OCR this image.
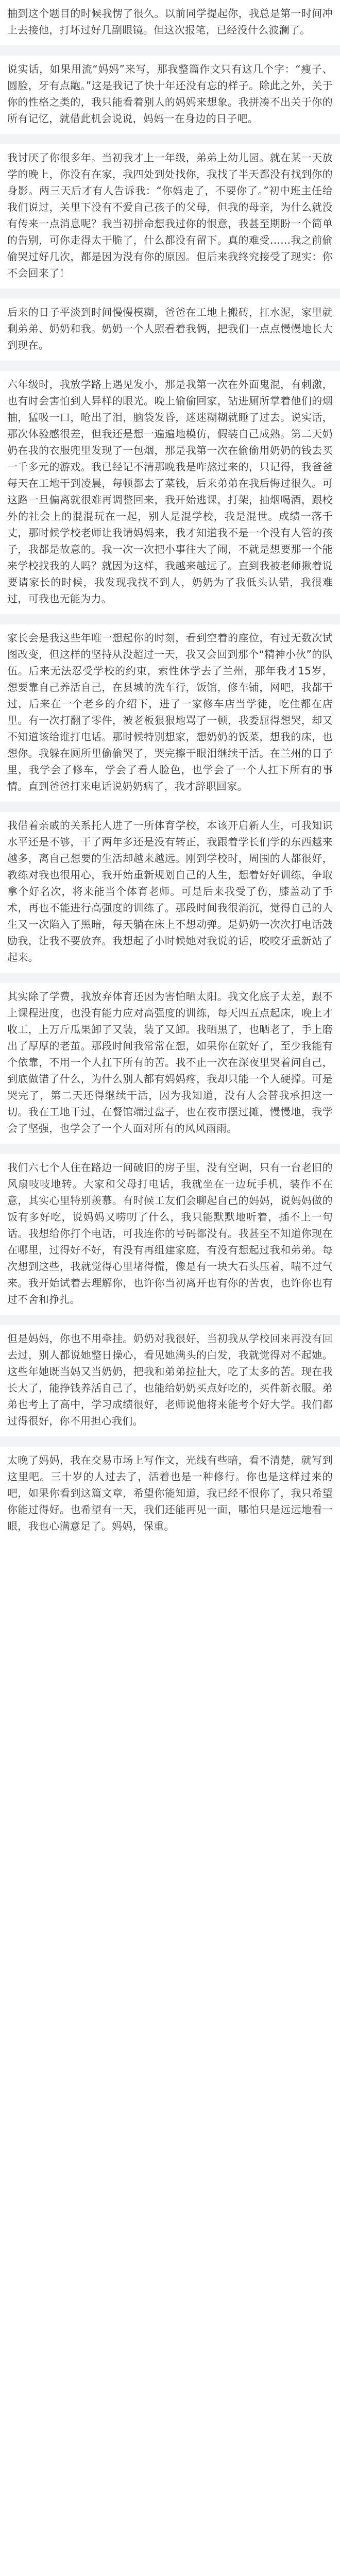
抽到这个题目的时候我愣了很久。以前同学提起你，我总是第一时间冲上去接他，打坏过好几副眼镜。但这次报笔，已经没什么波澜了。

说实话，如果用流“妈妈”来写，那我整篇作文只有这几个字：“瘦子、圆脸，牙有点龅。”这是我记了快十年还没有忘的样子。除此之外，关于你的性格之类的，我只能看着别人的妈妈来想象。我拼凑不出关于你的所有记忆，就借此机会说说，妈妈一在身边的日子吧。

我讨厌了你很多年。当初我才上一年级，弟弟上幼儿园。就在某一天放学的晚上，你没有在家，我四处到处找你，我找了半天都没有找到你的身影。两三天后才有人告诉我：“你妈走了，不要你了。”初中班主任给我们说过，关里下没有不爱自己孩子的父母，但我的母亲，为什么就没有传来一点消息呢？我当初拼命想我过你的恨意，我甚至期盼一个简单的告别，可你走得太干脆了，什么都没有留下。真的难受……我之前偷偷哭过好几次，都是因为没有你的原因。但后来我终究接受了现实：你不会回来了！

后来的日子平淡到时间慢慢模糊，爸爸在工地上搬砖，扛水泥，家里就剩弟弟、奶奶和我。奶奶一个人照看着我俩，把我们一点点慢慢地长大到现在。

六年级时，我放学路上遇见发小，那是我第一次在外面鬼混，有刺激，也有时会害怕到人异样的眼光。晚上偷偷回家，钻进厕所掌着他们的烟抽，猛吸一口，呛出了泪，脑袋发昏，迷迷糊糊就睡了过去。说实话，那次体验感很差，但我还是想一遍遍地模仿，假装自己成熟。第二天奶奶在我的衣服兜里发现了一包烟，那是我第一次在偷偷用奶奶的钱去买一千多元的游戏。我已经记不清那晚我是咋熬过来的，只记得，我爸爸每天在工地干到凌晨，每顿都去了菜钱，后来弟弟在我后悔过很久。可这路一旦偏离就很难再调整回来，我开始逃课，打架，抽烟喝酒，跟校外的社会上的混混玩在一起，别人是混学校，我是混世。成绩一落千丈，那时候学校老师让我请妈妈来，我才知道我不是一个没有人管的孩子，我都是故意的。我一次一次把小事往大了闹，不就是想要那一个能来学校找我的人吗？就因为这样，我越来越远了。直到我被老师揪着说要请家长的时候，我发现我找不到人，奶奶为了我低头认错，我很难过，可我也无能为力。

家长会是我这些年唯一想起你的时刻，看到空着的座位，有过无数次试图改变，但这样的坚持从没超过一天，我又会回到那个“精神小伙”的队伍。后来无法忍受学校的约束，索性休学去了兰州，那年我才15岁，想要靠自己养活自己，在县城的洗车行，饭馆，修车铺，网吧，我都干过，后来在一个老乡的介绍下，进了一家修车店当学徒，吃住都在店里。有一次打翻了零件，被老板狠狠地骂了一顿，我委屈得想哭，却又不知道该给谁打电话。那时候特别想家，想奶奶的饭菜，想我的床，也想你。我躲在厕所里偷偷哭了，哭完擦干眼泪继续干活。在兰州的日子里，我学会了修车，学会了看人脸色，也学会了一个人扛下所有的事情。直到爸爸打来电话说奶奶病了，我才辞职回家。

我借着亲戚的关系托人进了一所体育学校，本该开启新人生，可我知识水平还是不够，干了两年多还是没有转正，我跟着学长们学的东西越来越多，离自己想要的生活却越来越远。刚到学校时，周围的人都很好，教练对我也很用心，我开始重新规划自己的人生，想着好好训练，争取拿个好名次，将来能当个体育老师。可是后来我受了伤，膝盖动了手术，再也不能进行高强度的训练了。那段时间我很消沉，觉得自己的人生又一次陷入了黑暗，每天躺在床上不想动弹。是奶奶一次次打电话鼓励我，让我不要放弃。我想起了小时候她对我说的话，咬咬牙重新站了起来。

其实除了学费，我放弃体育还因为害怕晒太阳。我文化底子太差，跟不上课程进度，也没有能力应对高强度的训练，每天四五点起床，晚上才收工，上万斤瓜果卸了又装，装了又卸。我晒黑了，也晒老了，手上磨出了厚厚的老茧。那段时间我常常在想，如果你在就好了，至少我能有个依靠，不用一个人扛下所有的苦。我不止一次在深夜里哭着问自己，到底做错了什么，为什么别人都有妈妈疼，我却只能一个人硬撑。可是哭完了，第二天还得继续干活，因为我知道，没有人会替我承担这一切。我在工地干过，在餐馆端过盘子，也在夜市摆过摊，慢慢地，我学会了坚强，也学会了一个人面对所有的风风雨雨。

我们六七个人住在路边一间破旧的房子里，没有空调，只有一台老旧的风扇吱吱地转。大家和父母打电话，我就坐在一边玩手机，装作不在意，其实心里特别羡慕。有时候工友们会聊起自己的妈妈，说妈妈做的饭有多好吃，说妈妈又唠叨了什么，我只能默默地听着，插不上一句话。我想给你打个电话，可我连你的号码都没有。我甚至不知道你现在在哪里，过得好不好，有没有再组建家庭，有没有想起过我和弟弟。每次想到这些，我就觉得心里堵得慌，像是有一块大石头压着，喘不过气来。我开始试着去理解你，也许你当初离开也有你的苦衷，也许你也有过不舍和挣扎。

但是妈妈，你也不用牵挂。奶奶对我很好，当初我从学校回来再没有回去过，别人都说她整日操心，看见她满头的白发，我就觉得对不起她。这些年她既当妈又当奶奶，把我和弟弟拉扯大，吃了太多的苦。现在我长大了，能挣钱养活自己了，也能给奶奶买点好吃的，买件新衣服。弟弟也考上了高中，学习成绩很好，老师说他将来能考个好大学。我们都过得很好，你不用担心我们。

太晚了妈妈，我在交易市场上写作文，光线有些暗，看不清楚，就写到这里吧。三十岁的人过去了，活着也是一种修行。你也是这样过来的吧，如果你看到这篇文章，希望你能知道，我已经不恨你了，我只希望你能过得好。也希望有一天，我们还能再见一面，哪怕只是远远地看一眼，我也心满意足了。妈妈，保重。
